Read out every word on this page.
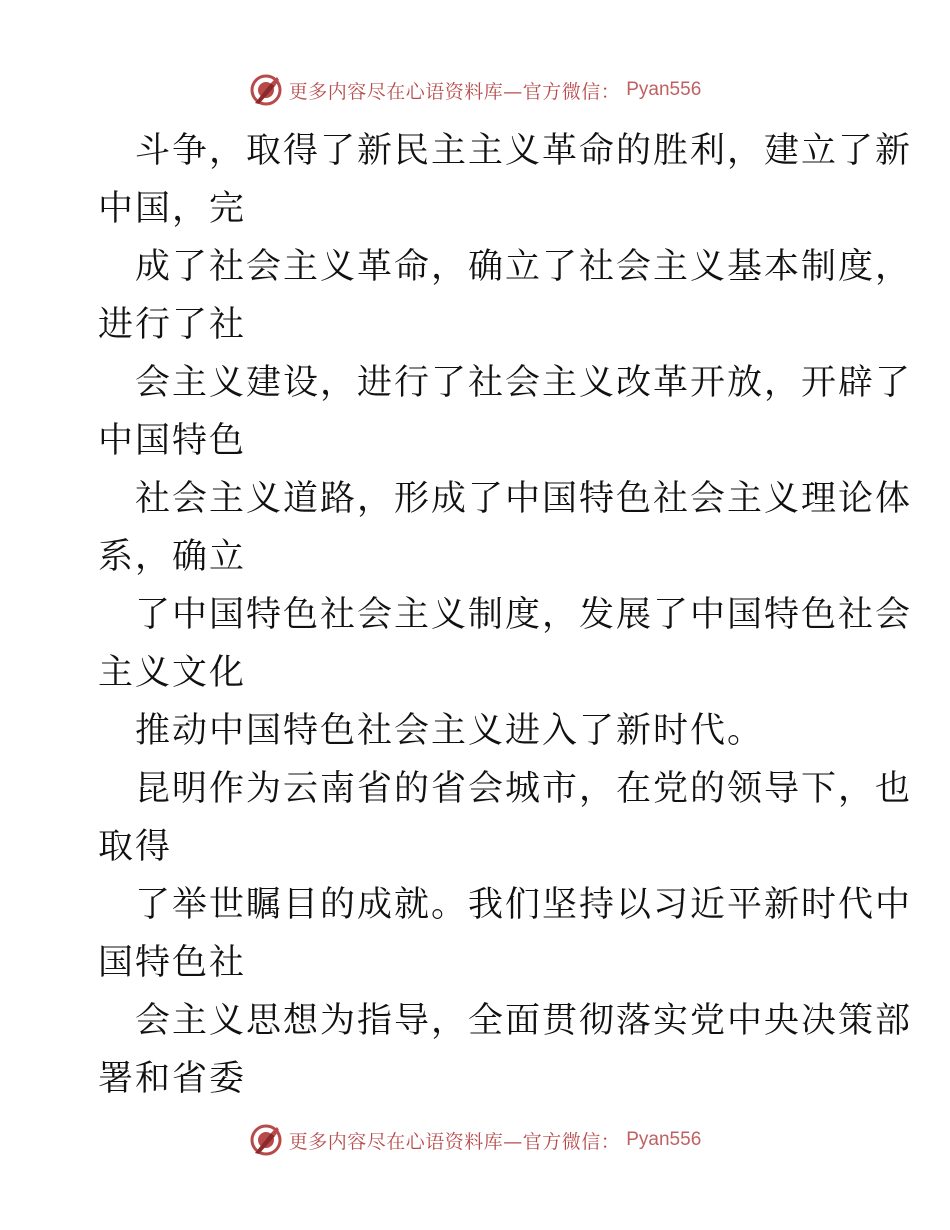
更多内容尽在心语资料库—官方微信： Pyan556
斗争，取得了新民主主义革命的胜利，建立了新
中国，完
成了社会主义革命，确立了社会主义基本制度，
进行了社
会主义建设，进行了社会主义改革开放，开辟了
中国特色
社会主义道路，形成了中国特色社会主义理论体
系，确立
了中国特色社会主义制度，发展了中国特色社会
主义文化
推动中国特色社会主义进入了新时代。
昆明作为云南省的省会城市，在党的领导下，也
取得
了举世瞩目的成就。我们坚持以习近平新时代中
国特色社
会主义思想为指导，全面贯彻落实党中央决策部
署和省委
更多内容尽在心语资料库—官方微信： Pyan556
